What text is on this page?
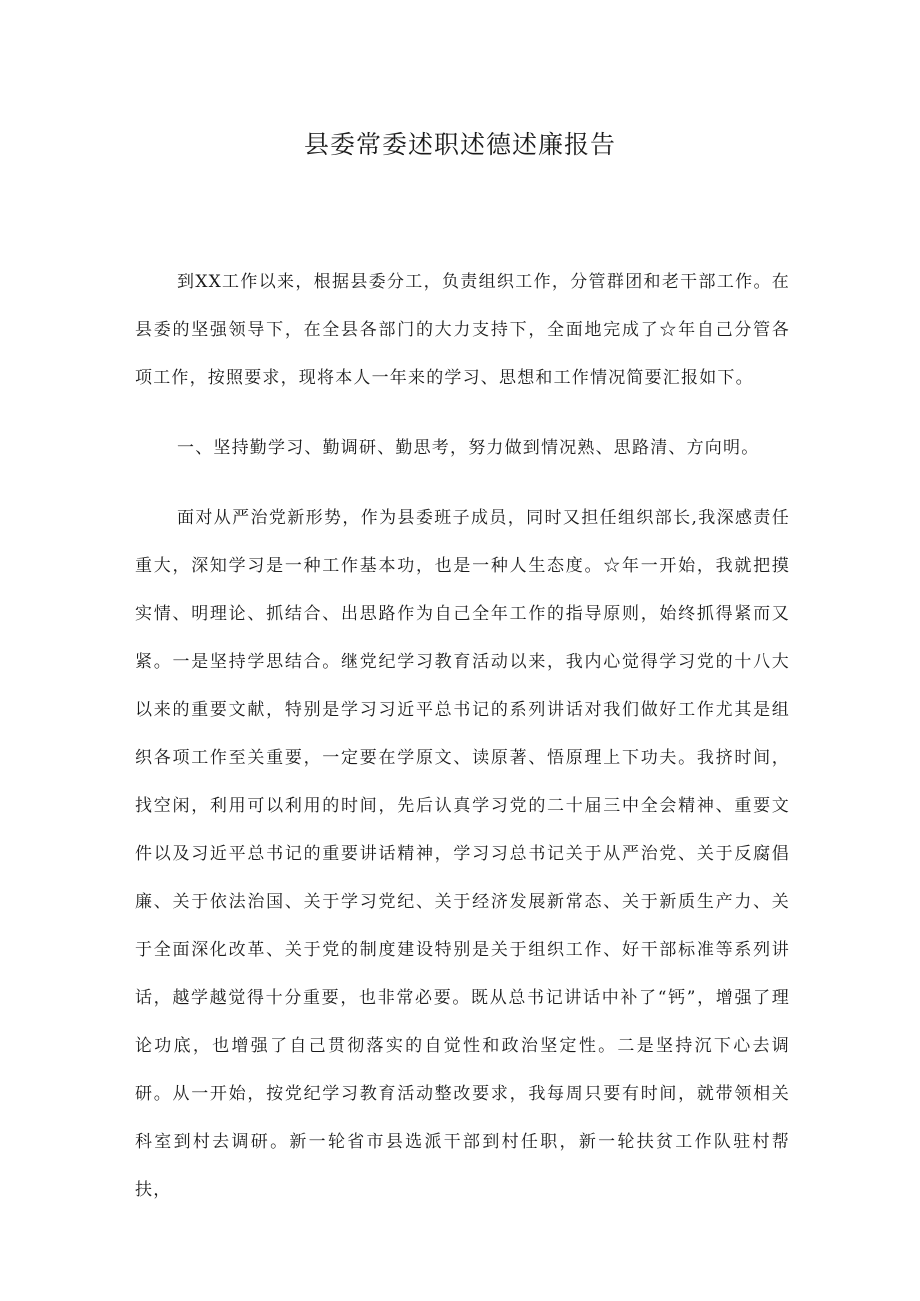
县委常委述职述德述廉报告

到XX工作以来，根据县委分工，负责组织工作，分管群团和老干部工作。在县委的坚强领导下，在全县各部门的大力支持下，全面地完成了☆年自己分管各项工作，按照要求，现将本人一年来的学习、思想和工作情况简要汇报如下。

一、坚持勤学习、勤调研、勤思考，努力做到情况熟、思路清、方向明。

面对从严治党新形势，作为县委班子成员，同时又担任组织部长,我深感责任重大，深知学习是一种工作基本功，也是一种人生态度。☆年一开始，我就把摸实情、明理论、抓结合、出思路作为自己全年工作的指导原则，始终抓得紧而又紧。一是坚持学思结合。继党纪学习教育活动以来，我内心觉得学习党的十八大以来的重要文献，特别是学习习近平总书记的系列讲话对我们做好工作尤其是组织各项工作至关重要，一定要在学原文、读原著、悟原理上下功夫。我挤时间，找空闲，利用可以利用的时间，先后认真学习党的二十届三中全会精神、重要文件以及习近平总书记的重要讲话精神，学习习总书记关于从严治党、关于反腐倡廉、关于依法治国、关于学习党纪、关于经济发展新常态、关于新质生产力、关于全面深化改革、关于党的制度建设特别是关于组织工作、好干部标准等系列讲话，越学越觉得十分重要，也非常必要。既从总书记讲话中补了“钙”，增强了理论功底，也增强了自己贯彻落实的自觉性和政治坚定性。二是坚持沉下心去调研。从一开始，按党纪学习教育活动整改要求，我每周只要有时间，就带领相关科室到村去调研。新一轮省市县选派干部到村任职，新一轮扶贫工作队驻村帮扶，
